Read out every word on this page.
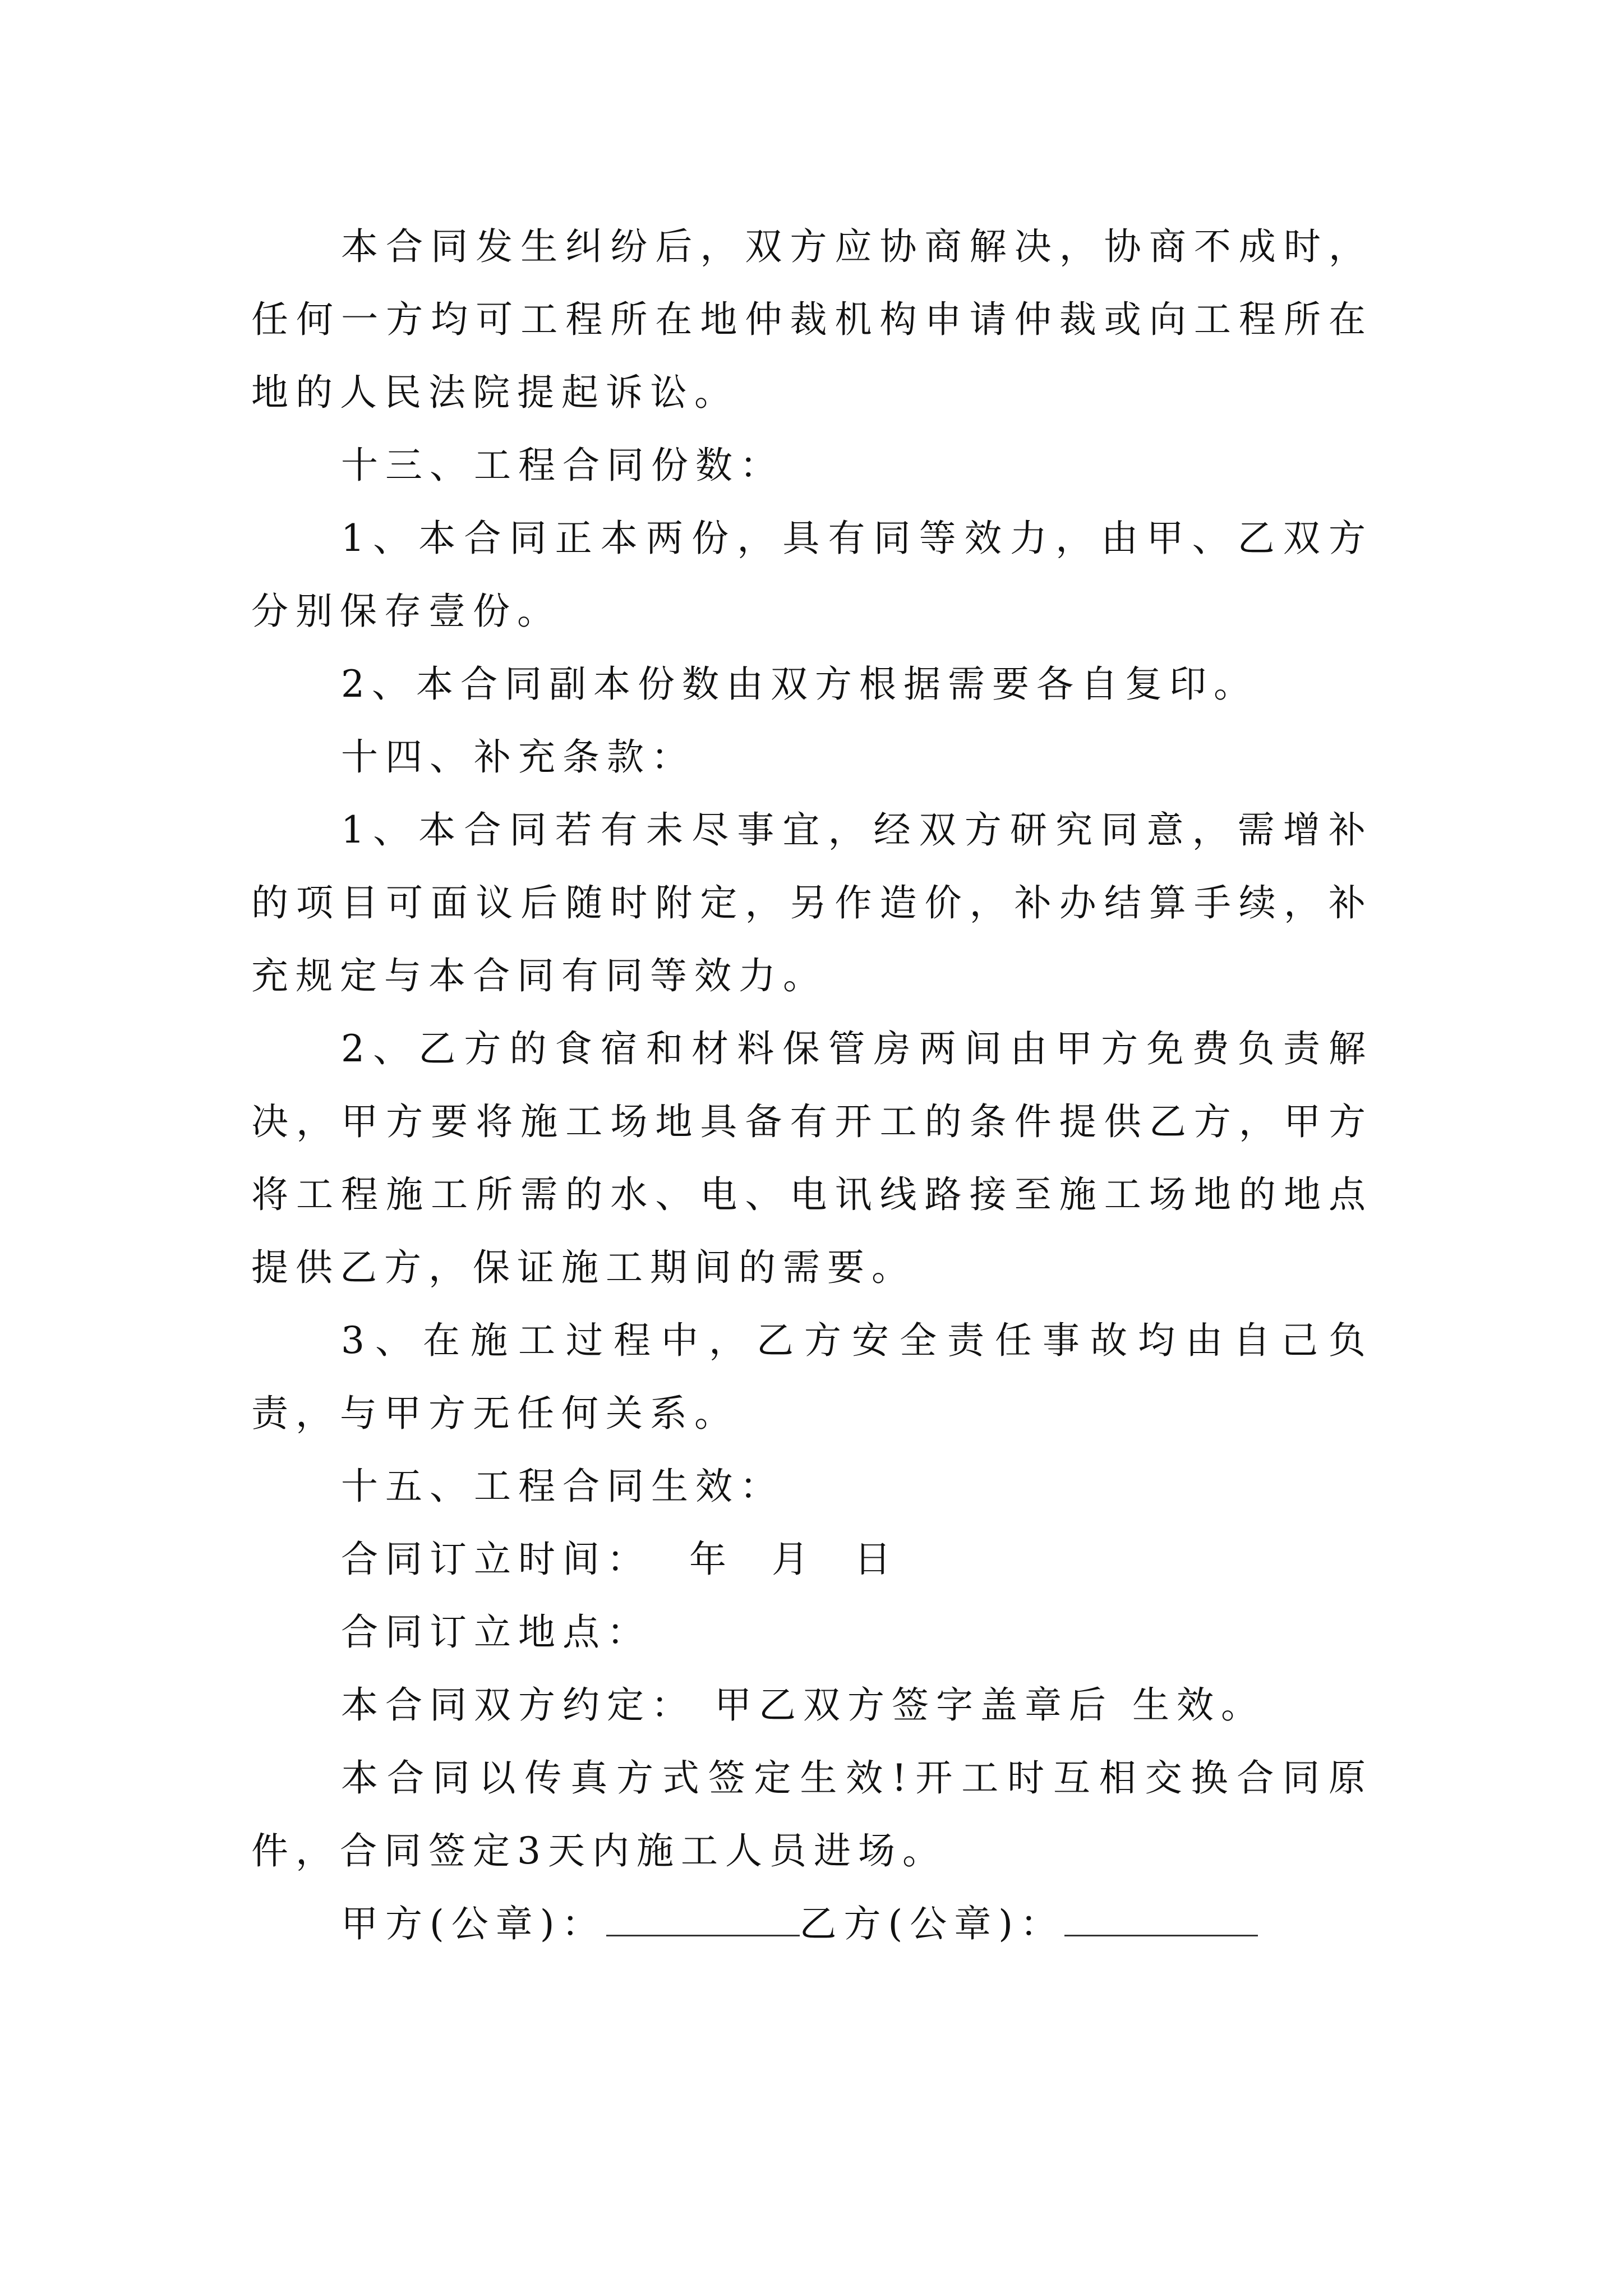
本合同发生纠纷后，双方应协商解决，协商不成时，任何一方均可工程所在地仲裁机构申请仲裁或向工程所在地的人民法院提起诉讼。

十三、工程合同份数：

1、本合同正本两份，具有同等效力，由甲、乙双方分别保存壹份。

2、本合同副本份数由双方根据需要各自复印。

十四、补充条款：

1、本合同若有未尽事宜，经双方研究同意，需增补的项目可面议后随时附定，另作造价，补办结算手续，补充规定与本合同有同等效力。

2、乙方的食宿和材料保管房两间由甲方免费负责解决，甲方要将施工场地具备有开工的条件提供乙方，甲方将工程施工所需的水、电、电讯线路接至施工场地的地点提供乙方，保证施工期间的需要。

3、在施工过程中，乙方安全责任事故均由自己负责，与甲方无任何关系。

十五、工程合同生效：

合同订立时间：  年  月  日

合同订立地点：

本合同双方约定： 甲乙双方签字盖章后 生效。

本合同以传真方式签定生效!开工时互相交换合同原件，合同签定3天内施工人员进场。

甲方(公章)：	乙方(公章)：
